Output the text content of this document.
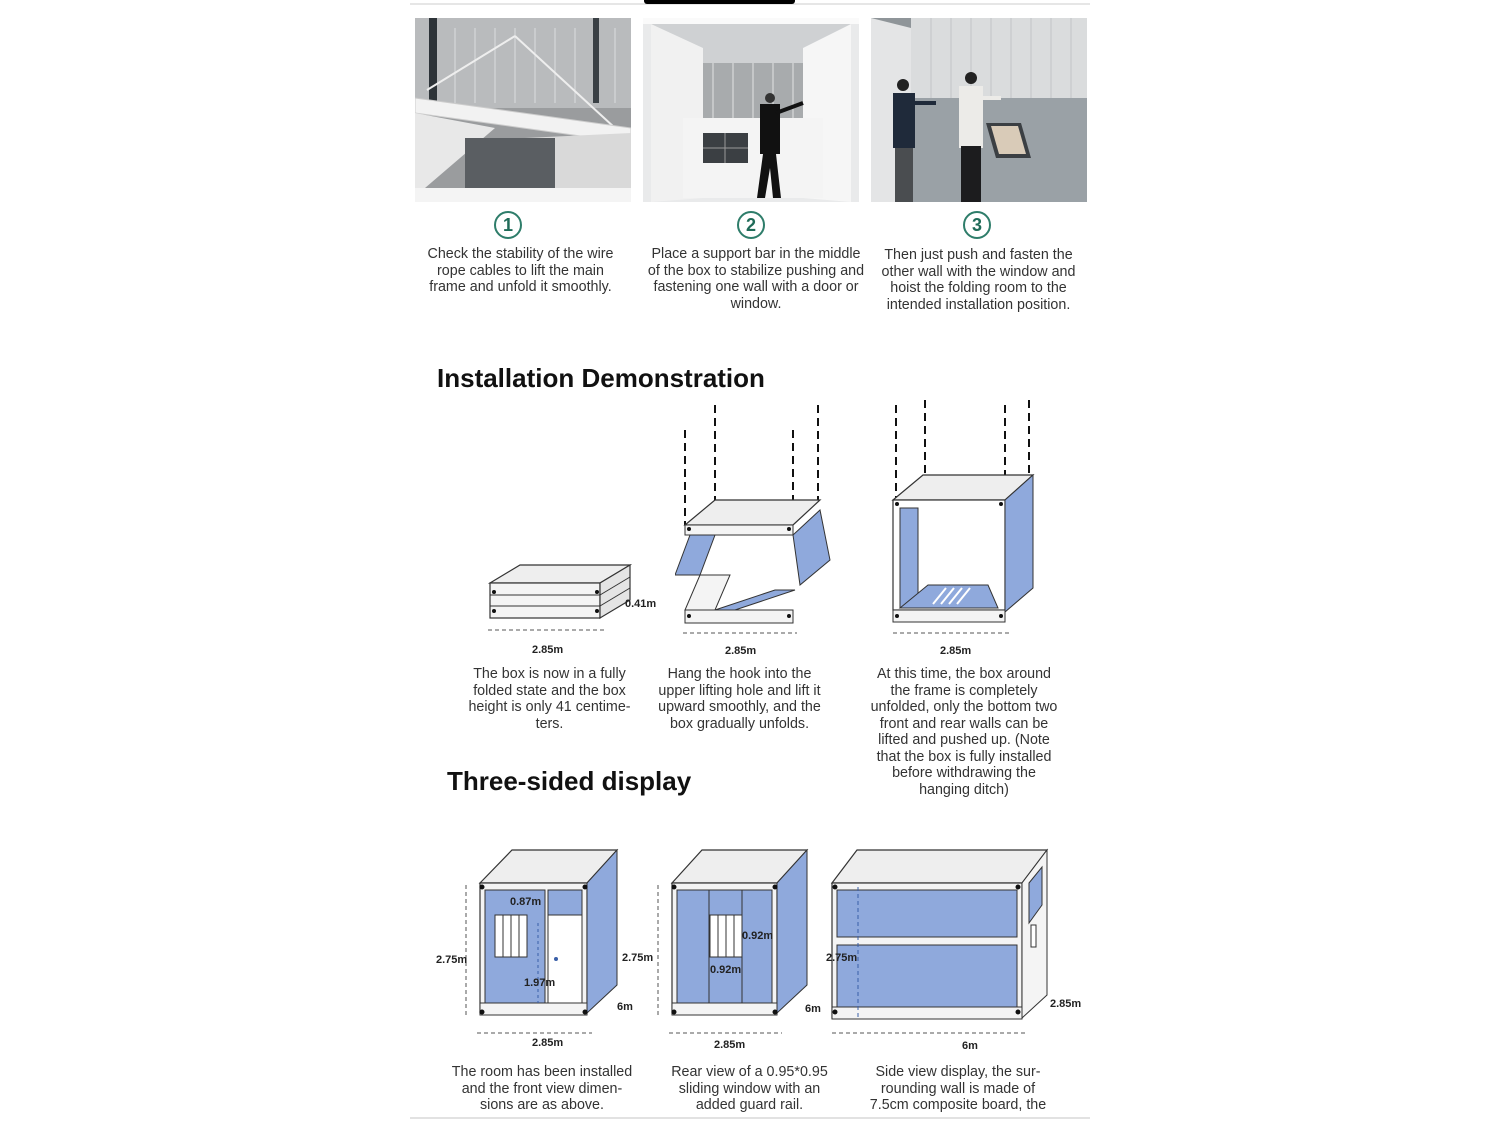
1	2	3
Check the stability of the wire rope cables to lift the main frame and unfold it smoothly.
Place a support bar in the middle of the box to stabilize pushing and fastening one wall with a door or window.
Then just push and fasten the other wall with the window and hoist the folding room to the intended installation position.
Installation Demonstration
2.85m
0.41m
2.85m	2.85m
The box is now in a fully folded state and the box height is only 41 centime-ters.
Hang the hook into the upper lifting hole and lift it upward smoothly, and the box gradually unfolds.
At this time, the box around the frame is completely unfolded, only the bottom two front and rear walls can be lifted and pushed up. (Note that the box is fully installed before withdrawing the hanging ditch)
Three-sided display
2.85m
2.75m
6m
0.87m
1.97m
2.85m
2.75m
6m
0.92m
0.92m
6m
2.75m
2.85m
The room has been installed and the front view dimen-sions are as above.
Rear view of a 0.95*0.95 sliding window with an added guard rail.
Side view display, the sur-rounding wall is made of 7.5cm composite board, the
